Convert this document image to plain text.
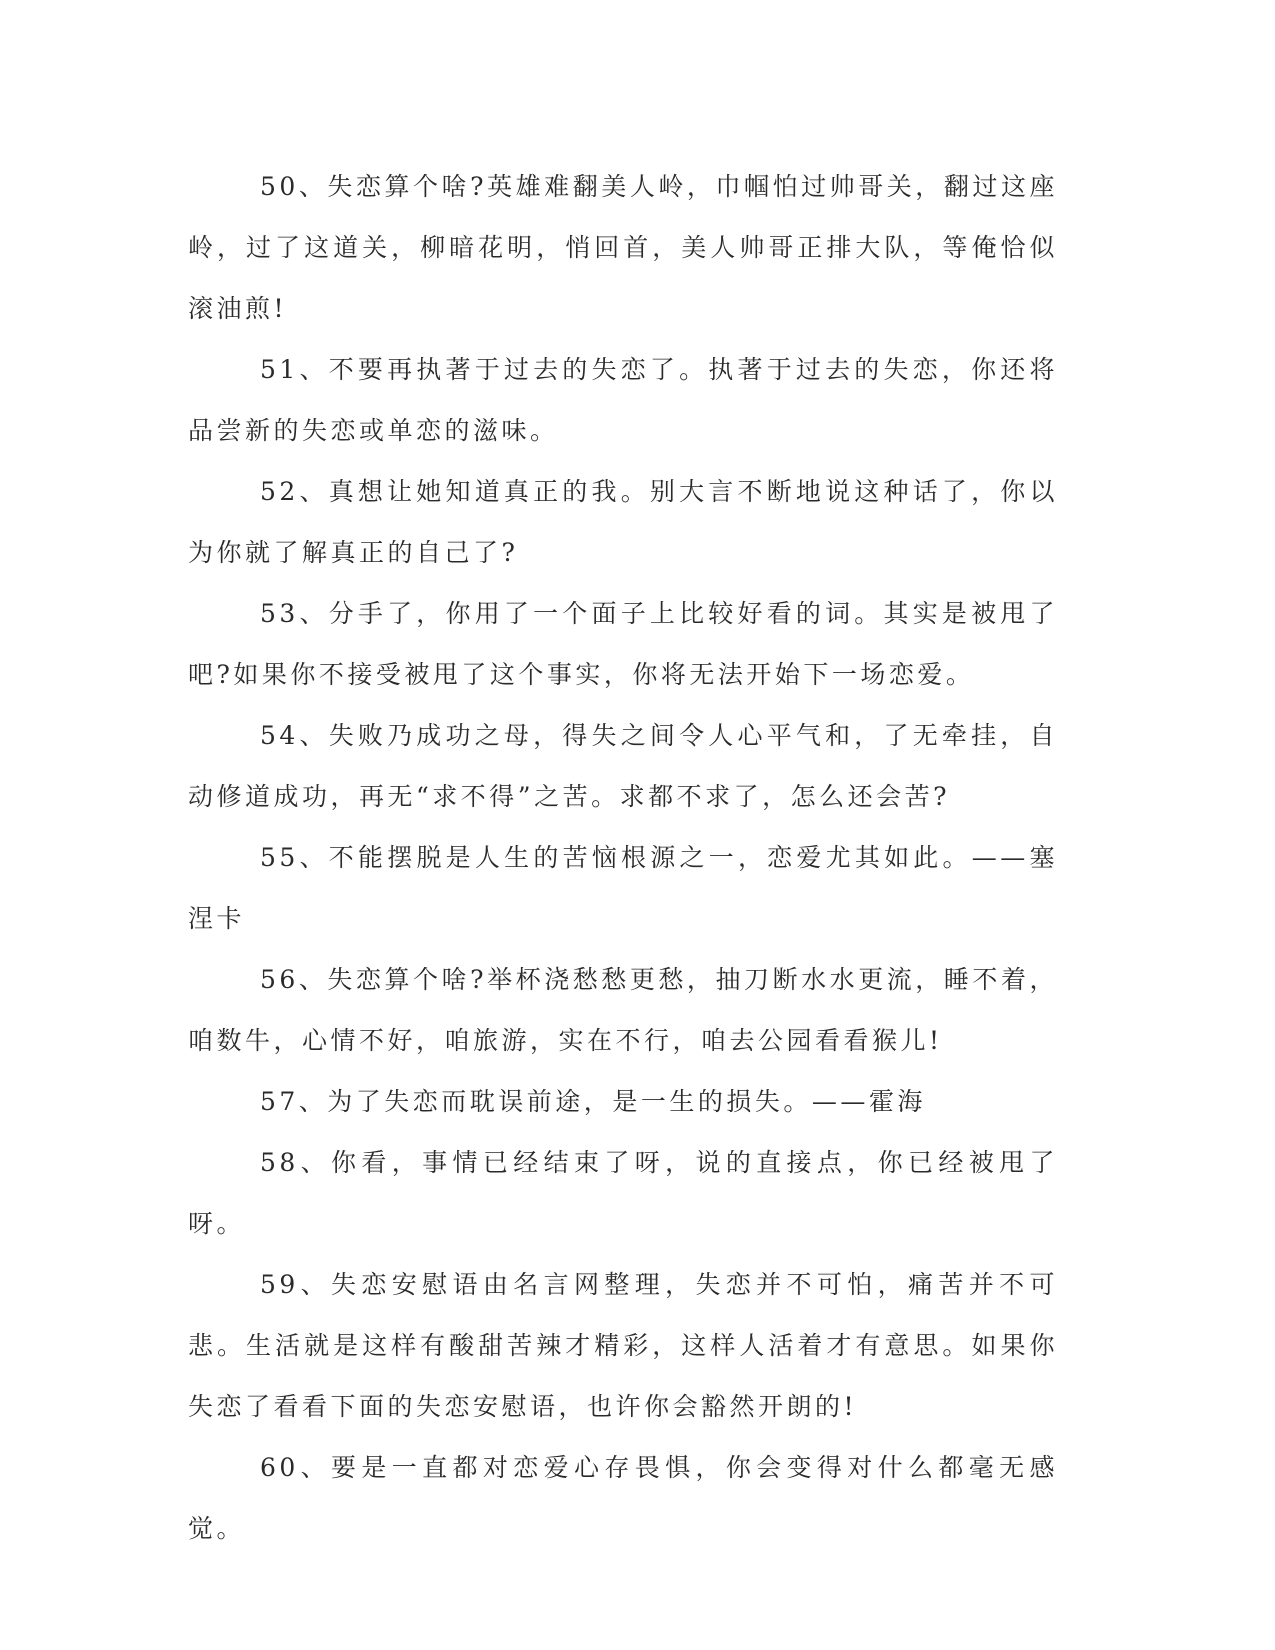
50、失恋算个啥?英雄难翻美人岭，巾帼怕过帅哥关，翻过这座岭，过了这道关，柳暗花明，悄回首，美人帅哥正排大队，等俺恰似滚油煎!

51、不要再执著于过去的失恋了。执著于过去的失恋，你还将品尝新的失恋或单恋的滋味。

52、真想让她知道真正的我。别大言不断地说这种话了，你以为你就了解真正的自己了?

53、分手了，你用了一个面子上比较好看的词。其实是被甩了吧?如果你不接受被甩了这个事实，你将无法开始下一场恋爱。

54、失败乃成功之母，得失之间令人心平气和，了无牵挂，自动修道成功，再无“求不得”之苦。求都不求了，怎么还会苦?

55、不能摆脱是人生的苦恼根源之一，恋爱尤其如此。——塞涅卡

56、失恋算个啥?举杯浇愁愁更愁，抽刀断水水更流，睡不着，咱数牛，心情不好，咱旅游，实在不行，咱去公园看看猴儿!

57、为了失恋而耽误前途，是一生的损失。——霍海

58、你看，事情已经结束了呀，说的直接点，你已经被甩了呀。

59、失恋安慰语由名言网整理，失恋并不可怕，痛苦并不可悲。生活就是这样有酸甜苦辣才精彩，这样人活着才有意思。如果你失恋了看看下面的失恋安慰语，也许你会豁然开朗的!

60、要是一直都对恋爱心存畏惧，你会变得对什么都毫无感觉。
